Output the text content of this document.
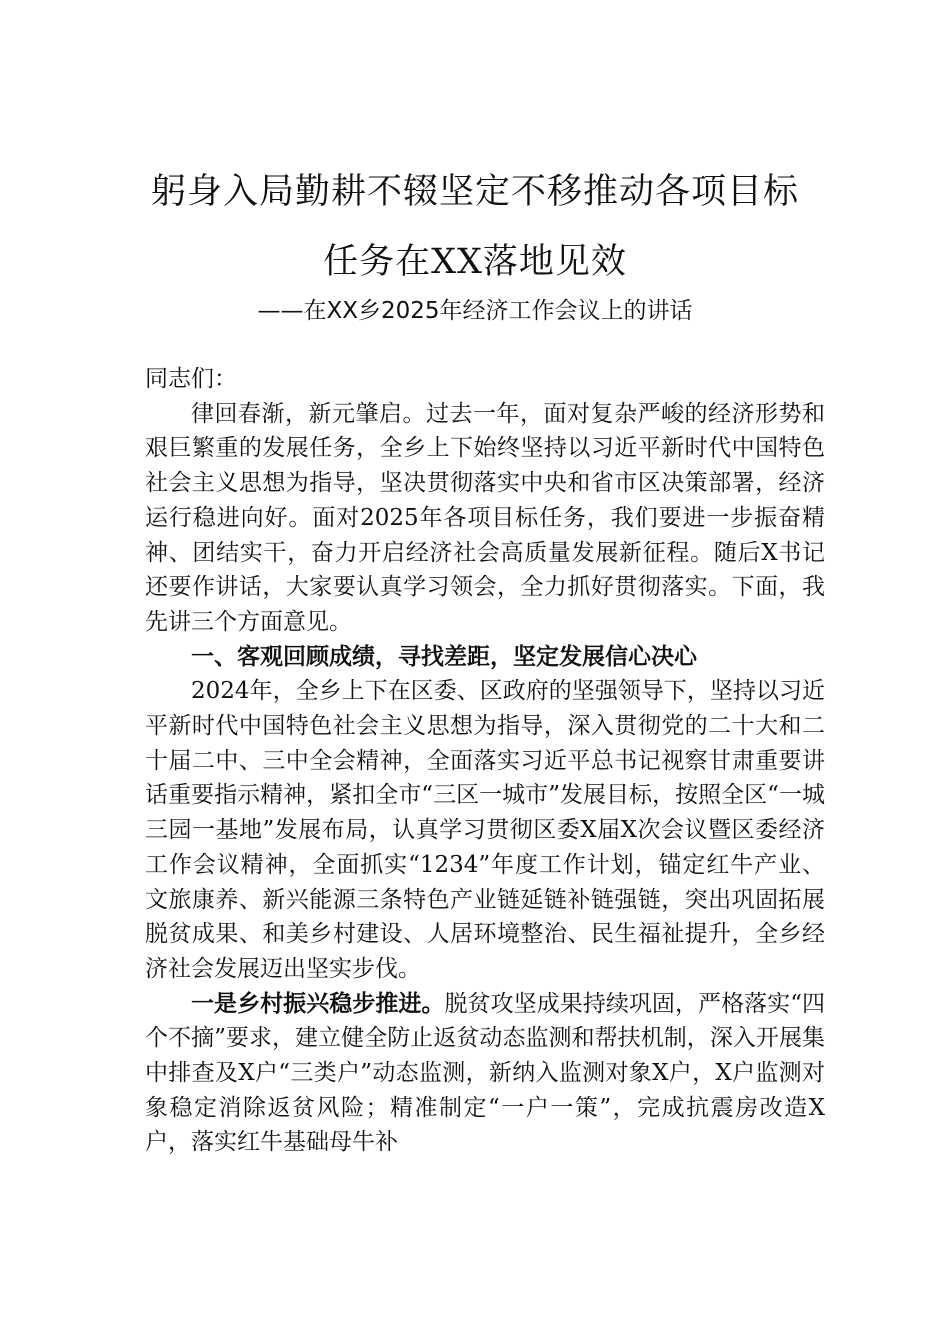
躬身入局勤耕不辍坚定不移推动各项目标
任务在XX落地见效
——在XX乡2025年经济工作会议上的讲话

同志们：

律回春渐，新元肇启。过去一年，面对复杂严峻的经济形势和艰巨繁重的发展任务，全乡上下始终坚持以习近平新时代中国特色社会主义思想为指导，坚决贯彻落实中央和省市区决策部署，经济运行稳进向好。面对2025年各项目标任务，我们要进一步振奋精神、团结实干，奋力开启经济社会高质量发展新征程。随后X书记还要作讲话，大家要认真学习领会，全力抓好贯彻落实。下面，我先讲三个方面意见。

一、客观回顾成绩，寻找差距，坚定发展信心决心

2024年，全乡上下在区委、区政府的坚强领导下，坚持以习近平新时代中国特色社会主义思想为指导，深入贯彻党的二十大和二十届二中、三中全会精神，全面落实习近平总书记视察甘肃重要讲话重要指示精神，紧扣全市“三区一城市”发展目标，按照全区“一城三园一基地”发展布局，认真学习贯彻区委X届X次会议暨区委经济工作会议精神，全面抓实“1234”年度工作计划，锚定红牛产业、文旅康养、新兴能源三条特色产业链延链补链强链，突出巩固拓展脱贫成果、和美乡村建设、人居环境整治、民生福祉提升，全乡经济社会发展迈出坚实步伐。

一是乡村振兴稳步推进。脱贫攻坚成果持续巩固，严格落实“四个不摘”要求，建立健全防止返贫动态监测和帮扶机制，深入开展集中排查及X户“三类户”动态监测，新纳入监测对象X户，X户监测对象稳定消除返贫风险；精准制定“一户一策”，完成抗震房改造X户，落实红牛基础母牛补
